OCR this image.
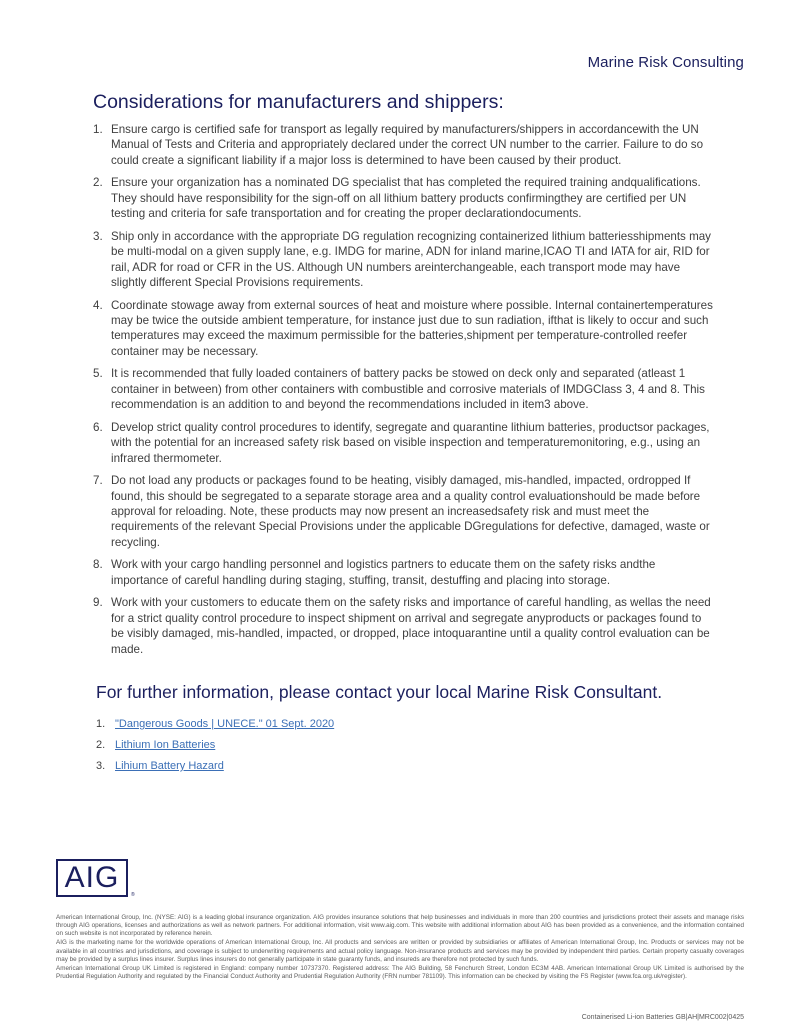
Marine Risk Consulting
Considerations for manufacturers and shippers:
1. Ensure cargo is certified safe for transport as legally required by manufacturers/shippers in accordancewith the UN Manual of Tests and Criteria and appropriately declared under the correct UN number to the carrier. Failure to do so could create a significant liability if a major loss is determined to have been caused by their product.
2. Ensure your organization has a nominated DG specialist that has completed the required training andqualifications. They should have responsibility for the sign-off on all lithium battery products confirmingthey are certified per UN testing and criteria for safe transportation and for creating the proper declarationdocuments.
3. Ship only in accordance with the appropriate DG regulation recognizing containerized lithium batteriesshipments may be multi-modal on a given supply lane, e.g. IMDG for marine, ADN for inland marine,ICAO TI and IATA for air, RID for rail, ADR for road or CFR in the US. Although UN numbers areinterchangeable, each transport mode may have slightly different Special Provisions requirements.
4. Coordinate stowage away from external sources of heat and moisture where possible. Internal containertemperatures may be twice the outside ambient temperature, for instance just due to sun radiation, ifthat is likely to occur and such temperatures may exceed the maximum permissible for the batteries,shipment per temperature-controlled reefer container may be necessary.
5. It is recommended that fully loaded containers of battery packs be stowed on deck only and separated (atleast 1 container in between) from other containers with combustible and corrosive materials of IMDGClass 3, 4 and 8. This recommendation is an addition to and beyond the recommendations included in item3 above.
6. Develop strict quality control procedures to identify, segregate and quarantine lithium batteries, productsor packages, with the potential for an increased safety risk based on visible inspection and temperaturemonitoring, e.g., using an infrared thermometer.
7. Do not load any products or packages found to be heating, visibly damaged, mis-handled, impacted, ordropped If found, this should be segregated to a separate storage area and a quality control evaluationshould be made before approval for reloading. Note, these products may now present an increasedsafety risk and must meet the requirements of the relevant Special Provisions under the applicable DGregulations for defective, damaged, waste or recycling.
8. Work with your cargo handling personnel and logistics partners to educate them on the safety risks andthe importance of careful handling during staging, stuffing, transit, destuffing and placing into storage.
9. Work with your customers to educate them on the safety risks and importance of careful handling, as wellas the need for a strict quality control procedure to inspect shipment on arrival and segregate anyproducts or packages found to be visibly damaged, mis-handled, impacted, or dropped, place intoquarantine until a quality control evaluation can be made.
For further information, please contact your local Marine Risk Consultant.
1. "Dangerous Goods | UNECE." 01 Sept. 2020
2. Lithium Ion Batteries
3. Lihium Battery Hazard
AIG
®

American International Group, Inc. (NYSE: AIG) is a leading global insurance organization. AIG provides insurance solutions that help businesses and individuals in more than 200 countries and jurisdictions protect their assets and manage risks through AIG operations, licenses and authorizations as well as network partners. For additional information, visit www.aig.com. This website with additional information about AIG has been provided as a convenience, and the information contained on such website is not incorporated by reference herein.

AIG is the marketing name for the worldwide operations of American International Group, Inc. All products and services are written or provided by subsidiaries or affiliates of American International Group, Inc. Products or services may not be available in all countries and jurisdictions, and coverage is subject to underwriting requirements and actual policy language. Non-insurance products and services may be provided by independent third parties. Certain property casualty coverages may be provided by a surplus lines insurer. Surplus lines insurers do not generally participate in state guaranty funds, and insureds are therefore not protected by such funds.

American International Group UK Limited is registered in England: company number 10737370. Registered address: The AIG Building, 58 Fenchurch Street, London EC3M 4AB. American International Group UK Limited is authorised by the Prudential Regulation Authority and regulated by the Financial Conduct Authority and Prudential Regulation Authority (FRN number 781109). This information can be checked by visiting the FS Register (www.fca.org.uk/register).

Containerised Li-ion Batteries GB|AH|MRC002|0425
